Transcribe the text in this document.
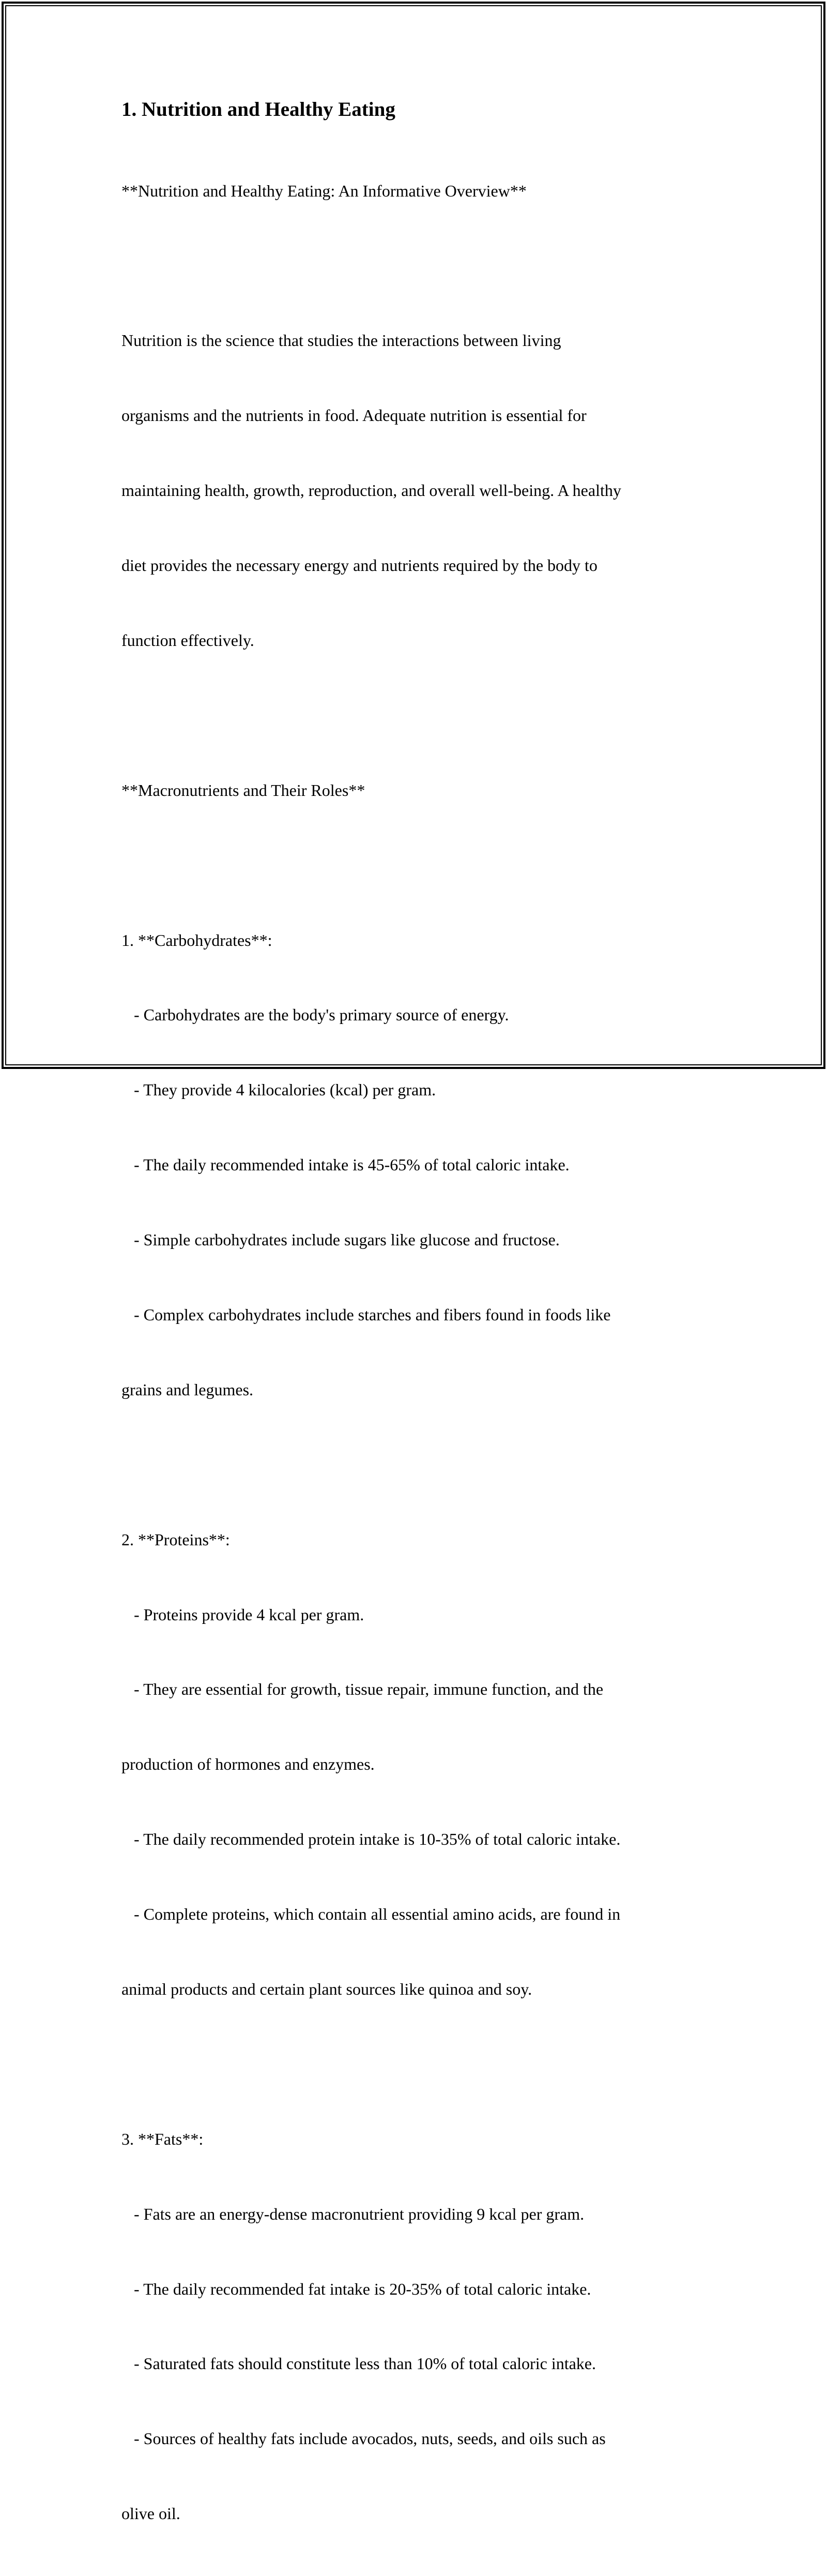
1. Nutrition and Healthy Eating

**Nutrition and Healthy Eating: An Informative Overview**

Nutrition is the science that studies the interactions between living

organisms and the nutrients in food. Adequate nutrition is essential for

maintaining health, growth, reproduction, and overall well-being. A healthy

diet provides the necessary energy and nutrients required by the body to

function effectively.

**Macronutrients and Their Roles**

1. **Carbohydrates**:

- Carbohydrates are the body's primary source of energy.

- They provide 4 kilocalories (kcal) per gram.

- The daily recommended intake is 45-65% of total caloric intake.

- Simple carbohydrates include sugars like glucose and fructose.

- Complex carbohydrates include starches and fibers found in foods like

grains and legumes.

2. **Proteins**:

- Proteins provide 4 kcal per gram.

- They are essential for growth, tissue repair, immune function, and the

production of hormones and enzymes.

- The daily recommended protein intake is 10-35% of total caloric intake.

- Complete proteins, which contain all essential amino acids, are found in

animal products and certain plant sources like quinoa and soy.

3. **Fats**:

- Fats are an energy-dense macronutrient providing 9 kcal per gram.

- The daily recommended fat intake is 20-35% of total caloric intake.

- Saturated fats should constitute less than 10% of total caloric intake.

- Sources of healthy fats include avocados, nuts, seeds, and oils such as

olive oil.
